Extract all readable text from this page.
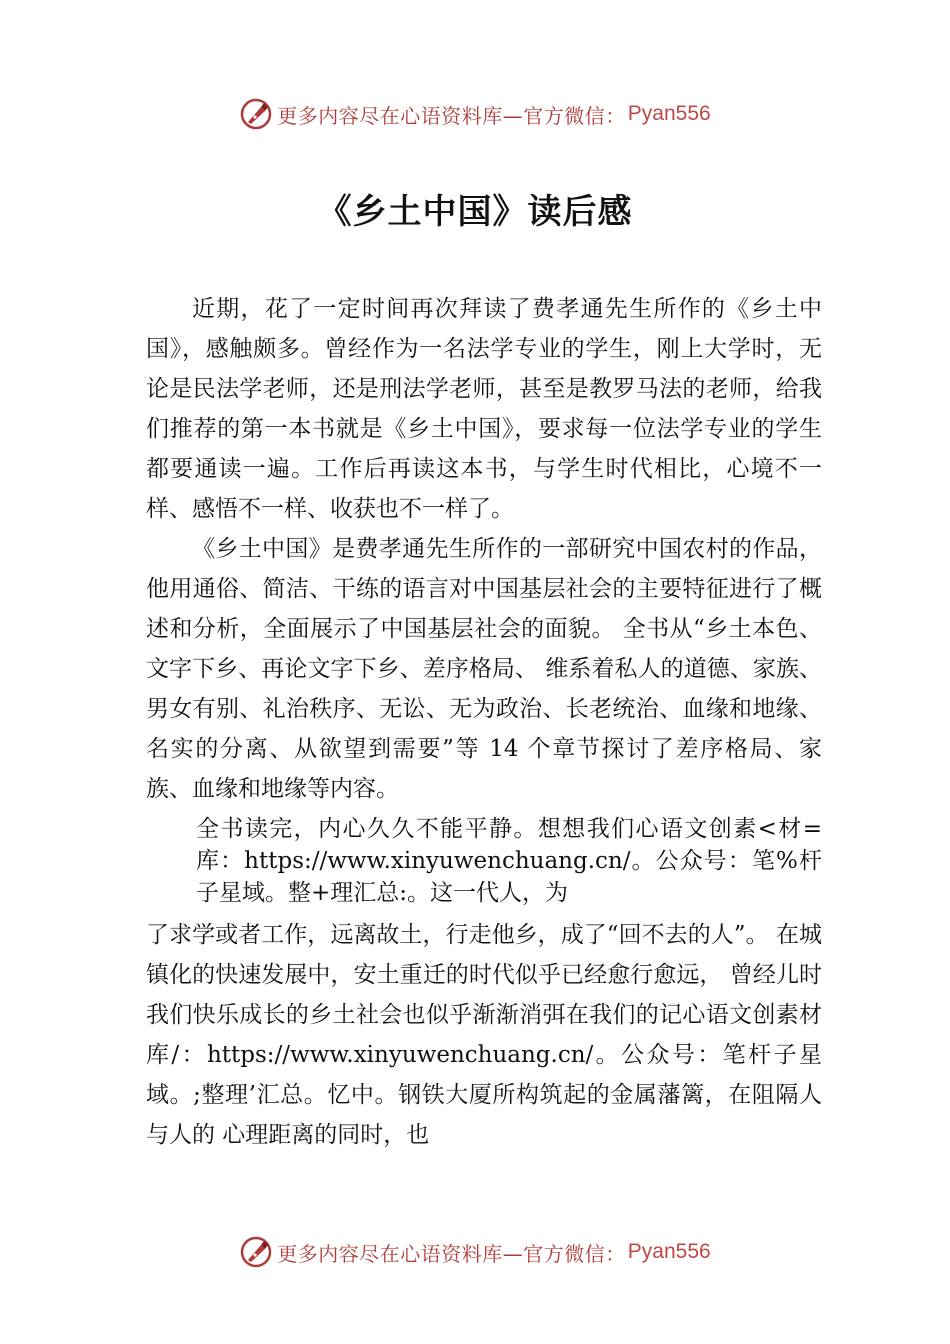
更多内容尽在心语资料库—官方微信： Pyan556
《乡土中国》读后感

近期，花了一定时间再次拜读了费孝通先生所作的《乡土中国》，感触颇多。曾经作为一名法学专业的学生，刚上大学时，无论是民法学老师，还是刑法学老师，甚至是教罗马法的老师，给我们推荐的第一本书就是《乡土中国》，要求每一位法学专业的学生都要通读一遍。工作后再读这本书，与学生时代相比，心境不一样、感悟不一样、收获也不一样了。

《乡土中国》是费孝通先生所作的一部研究中国农村的作品，他用通俗、简洁、干练的语言对中国基层社会的主要特征进行了概述和分析，全面展示了中国基层社会的面貌。 全书从“乡土本色、文字下乡、再论文字下乡、差序格局、 维系着私人的道德、家族、男女有别、礼治秩序、无讼、无为政治、长老统治、血缘和地缘、名实的分离、从欲望到需要”等 14 个章节探讨了差序格局、家族、血缘和地缘等内容。

全书读完，内心久久不能平静。想想我们心语文创素<材=库：https://www.xinyuwenchuang.cn/。公众号：笔%杆子星域。整+理汇总:。这一代人，为

了求学或者工作，远离故土，行走他乡，成了“回不去的人”。 在城镇化的快速发展中，安土重迁的时代似乎已经愈行愈远， 曾经儿时我们快乐成长的乡土社会也似乎渐渐消弭在我们的记心语文创素材库/：https://www.xinyuwenchuang.cn/。公众号：笔杆子星域。;整理’汇总。忆中。钢铁大厦所构筑起的金属藩篱，在阻隔人与人的 心理距离的同时，也

更多内容尽在心语资料库—官方微信： Pyan556
